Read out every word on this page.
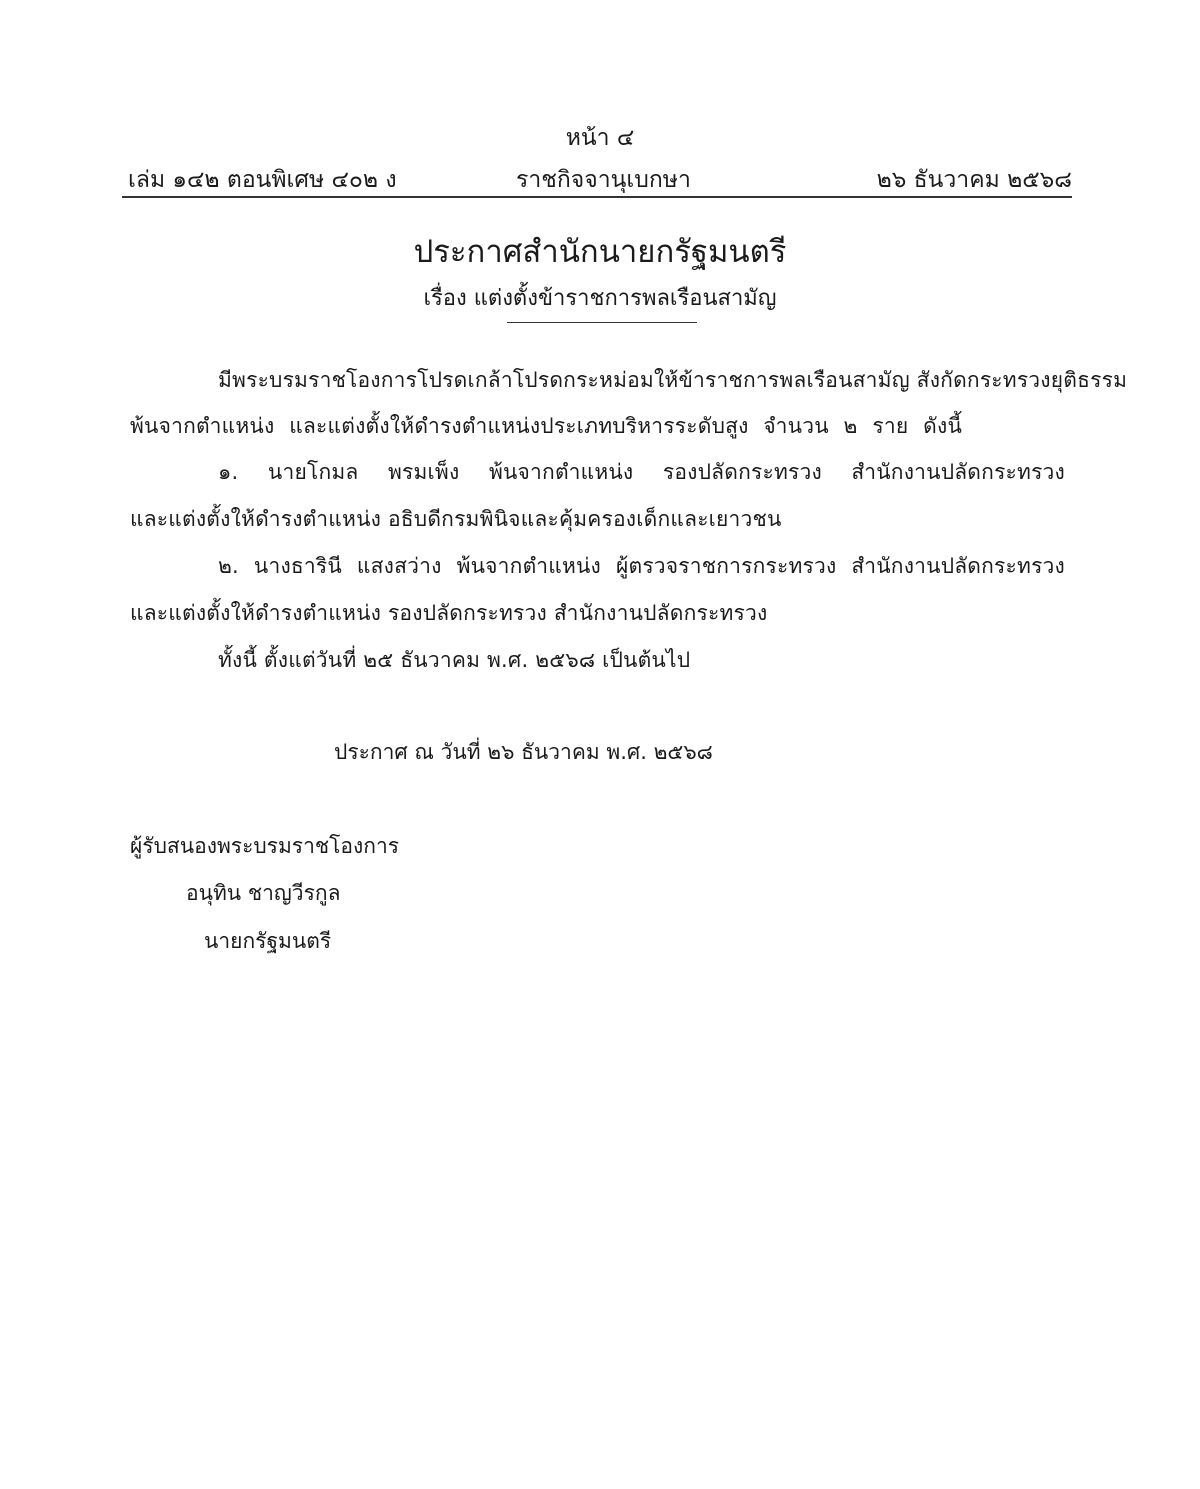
หน้า ๔
เล่ม ๑๔๒ ตอนพิเศษ ๔๐๒ ง	ราชกิจจานุเบกษา	๒๖ ธันวาคม ๒๕๖๘
ประกาศสำนักนายกรัฐมนตรี
เรื่อง แต่งตั้งข้าราชการพลเรือนสามัญ
มีพระบรมราชโองการโปรดเกล้าโปรดกระหม่อมให้ข้าราชการพลเรือนสามัญ สังกัดกระทรวงยุติธรรม
พ้นจากตำแหน่ง และแต่งตั้งให้ดำรงตำแหน่งประเภทบริหารระดับสูง จำนวน ๒ ราย ดังนี้
๑. นายโกมล พรมเพ็ง พ้นจากตำแหน่ง รองปลัดกระทรวง สำนักงานปลัดกระทรวง
และแต่งตั้งให้ดำรงตำแหน่ง อธิบดีกรมพินิจและคุ้มครองเด็กและเยาวชน
๒. นางธารินี แสงสว่าง พ้นจากตำแหน่ง ผู้ตรวจราชการกระทรวง สำนักงานปลัดกระทรวง
และแต่งตั้งให้ดำรงตำแหน่ง รองปลัดกระทรวง สำนักงานปลัดกระทรวง
ทั้งนี้ ตั้งแต่วันที่ ๒๕ ธันวาคม พ.ศ. ๒๕๖๘ เป็นต้นไป
ประกาศ ณ วันที่ ๒๖ ธันวาคม พ.ศ. ๒๕๖๘
ผู้รับสนองพระบรมราชโองการ
อนุทิน ชาญวีรกูล
นายกรัฐมนตรี
